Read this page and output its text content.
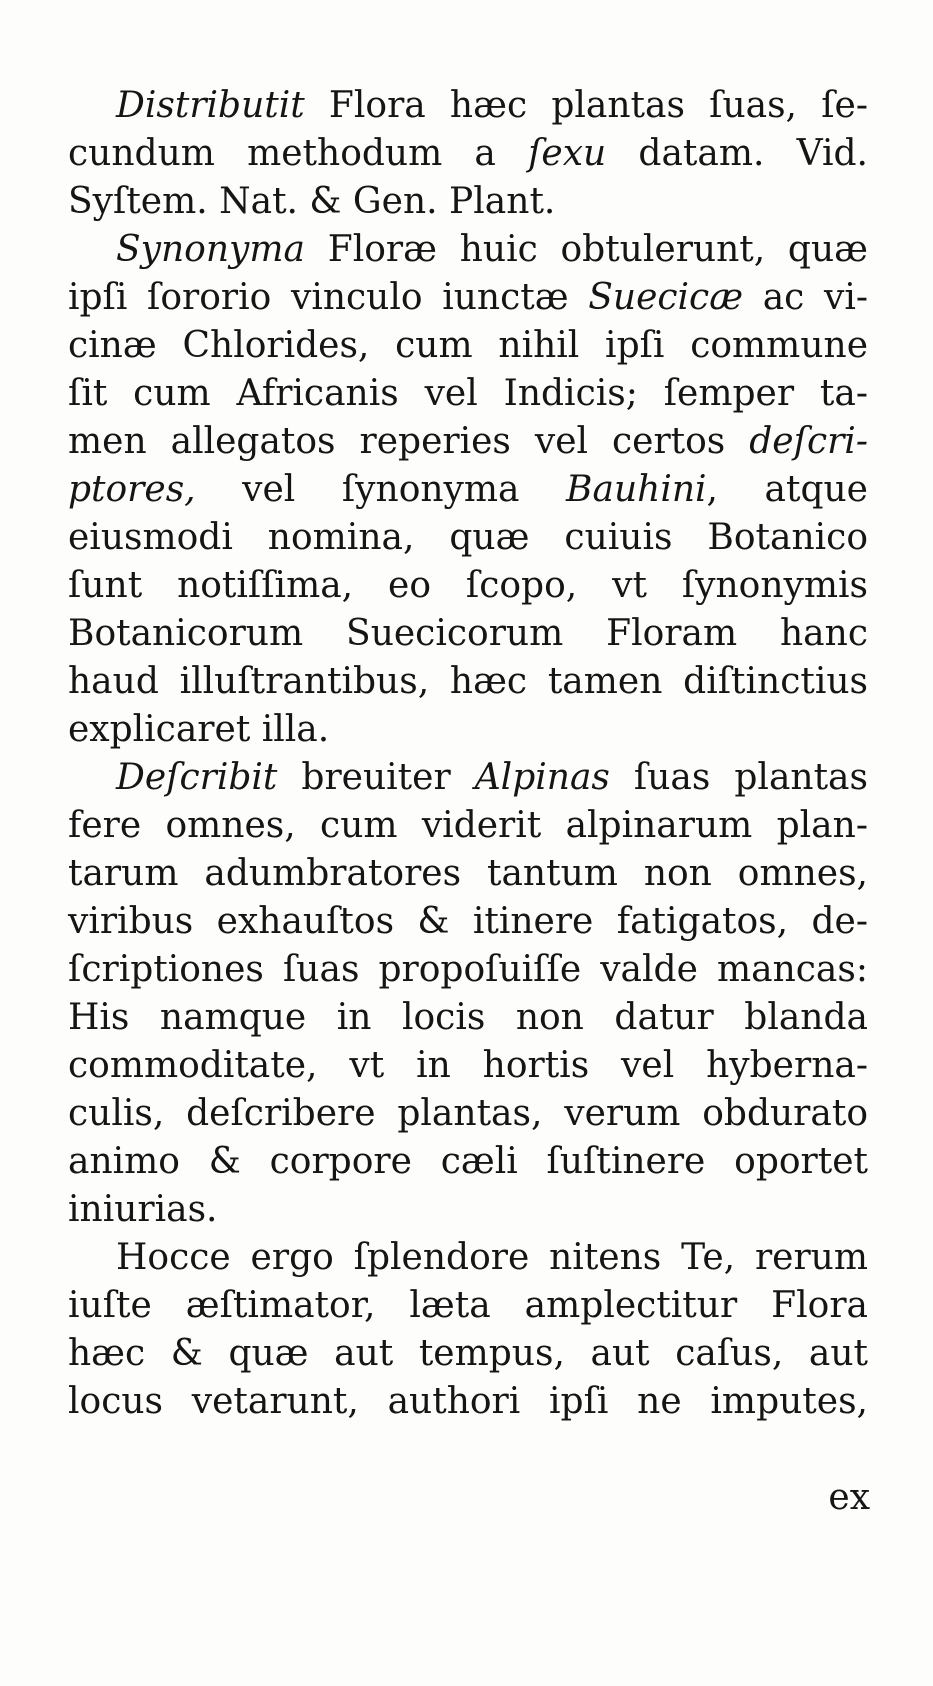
Distributit Flora hæc plantas ſuas, ſe-
cundum methodum a ſexu datam. Vid.
Syſtem. Nat. & Gen. Plant.
Synonyma Floræ huic obtulerunt, quæ
ipſi ſororio vinculo iunctæ Suecicæ ac vi-
cinæ Chlorides, cum nihil ipſi commune
ſit cum Africanis vel Indicis; ſemper ta-
men allegatos reperies vel certos deſcri-
ptores, vel ſynonyma Bauhini, atque
eiusmodi nomina, quæ cuiuis Botanico
ſunt notiſſima, eo ſcopo, vt ſynonymis
Botanicorum Suecicorum Floram hanc
haud illuſtrantibus, hæc tamen diſtinctius
explicaret illa.
Deſcribit breuiter Alpinas ſuas plantas
fere omnes, cum viderit alpinarum plan-
tarum adumbratores tantum non omnes,
viribus exhauſtos & itinere fatigatos, de-
ſcriptiones ſuas propoſuiſſe valde mancas:
His namque in locis non datur blanda
commoditate, vt in hortis vel hyberna-
culis, deſcribere plantas, verum obdurato
animo & corpore cæli ſuſtinere oportet
iniurias.
Hocce ergo ſplendore nitens Te, rerum
iuſte æſtimator, læta amplectitur Flora
hæc & quæ aut tempus, aut caſus, aut
locus vetarunt, authori ipſi ne imputes,
ex
